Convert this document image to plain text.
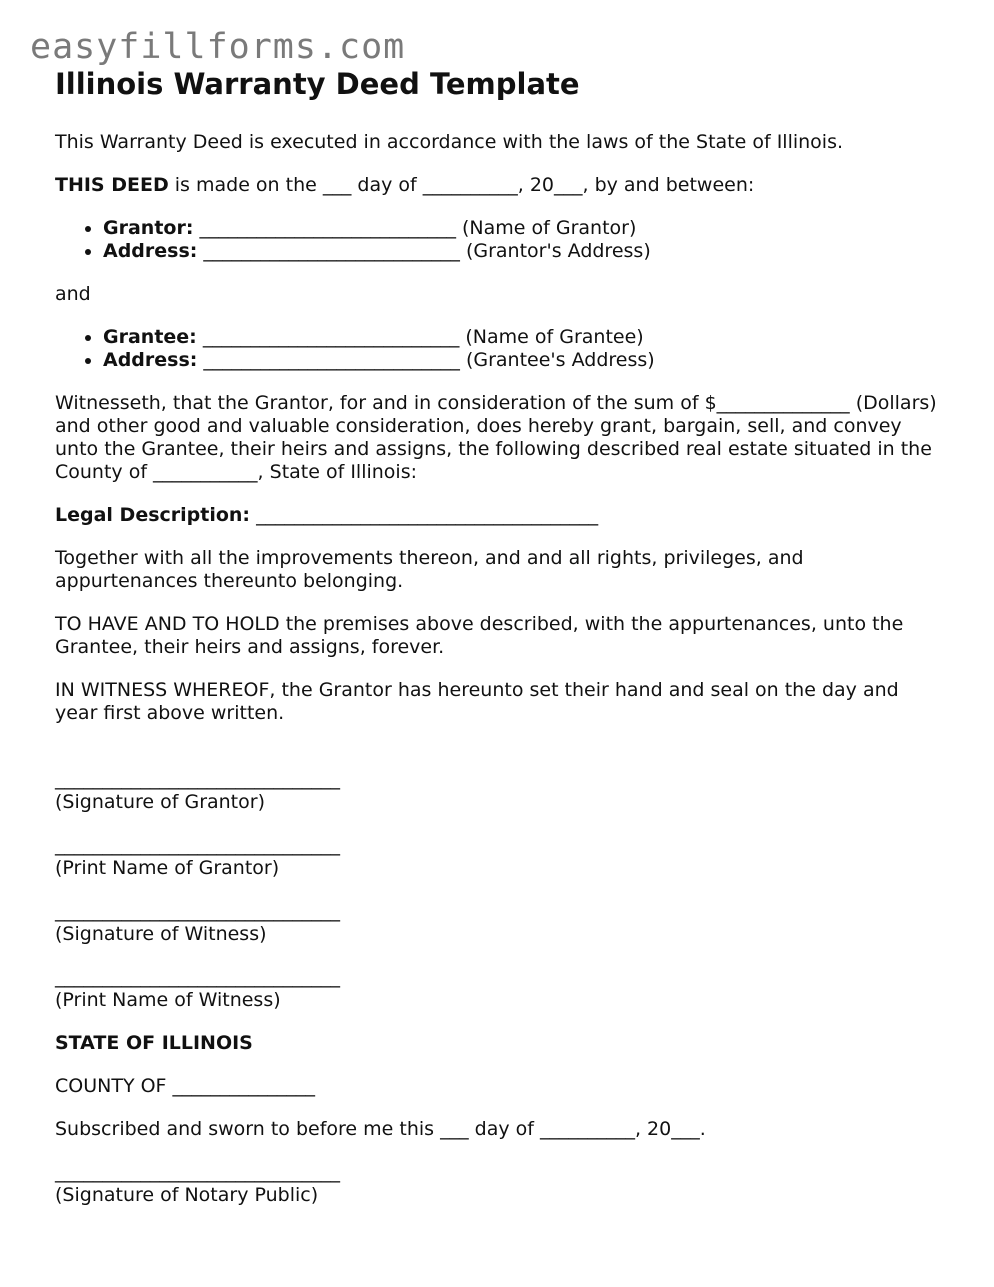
easyfillforms.com
Illinois Warranty Deed Template

This Warranty Deed is executed in accordance with the laws of the State of Illinois.

THIS DEED is made on the ___ day of __________, 20___, by and between:

• Grantor: ___________________________ (Name of Grantor)
• Address: ___________________________ (Grantor's Address)

and

• Grantee: ___________________________ (Name of Grantee)
• Address: ___________________________ (Grantee's Address)

Witnesseth, that the Grantor, for and in consideration of the sum of $______________ (Dollars) and other good and valuable consideration, does hereby grant, bargain, sell, and convey unto the Grantee, their heirs and assigns, the following described real estate situated in the County of ___________, State of Illinois:

Legal Description: ____________________________________

Together with all the improvements thereon, and and all rights, privileges, and appurtenances thereunto belonging.

TO HAVE AND TO HOLD the premises above described, with the appurtenances, unto the Grantee, their heirs and assigns, forever.

IN WITNESS WHEREOF, the Grantor has hereunto set their hand and seal on the day and year first above written.

______________________________
(Signature of Grantor)

______________________________
(Print Name of Grantor)

______________________________
(Signature of Witness)

______________________________
(Print Name of Witness)

STATE OF ILLINOIS

COUNTY OF _______________

Subscribed and sworn to before me this ___ day of __________, 20___.

______________________________
(Signature of Notary Public)
